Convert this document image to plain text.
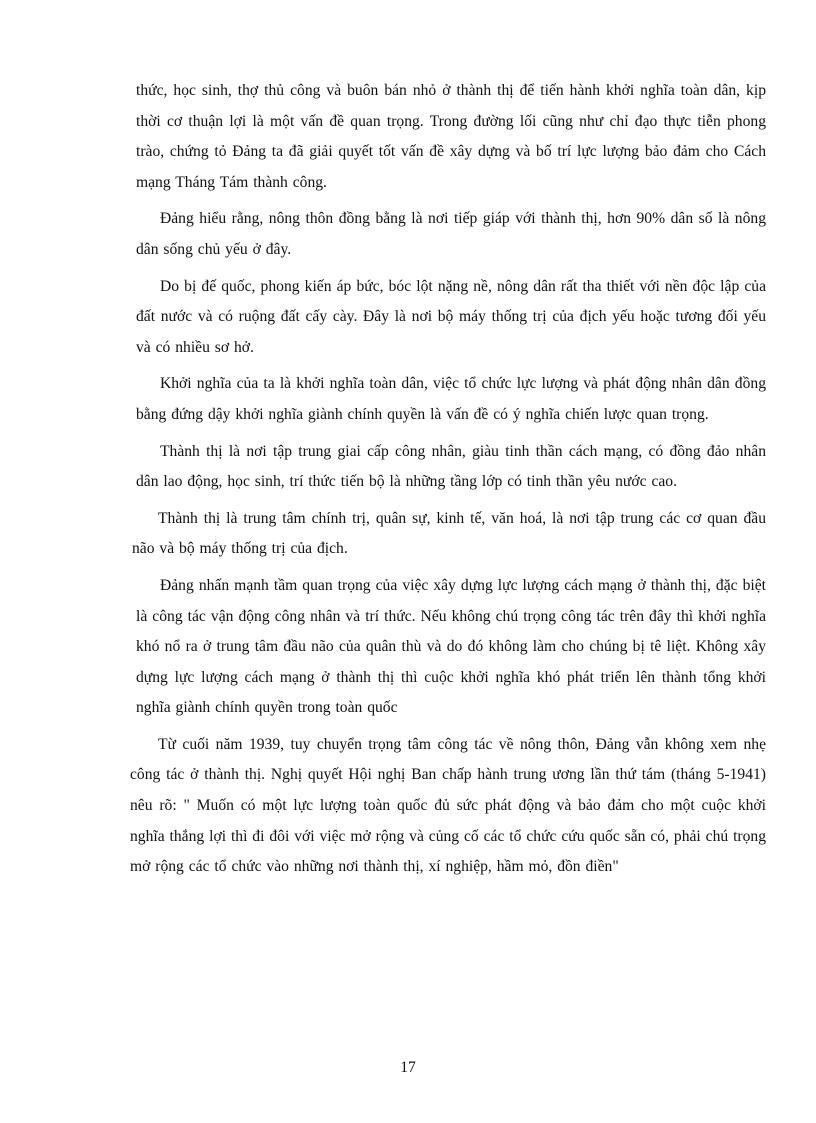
thức, học sinh, thợ thủ công và buôn bán nhỏ ở thành thị để tiến hành khởi nghĩa toàn dân, kịp thời cơ thuận lợi là một vấn đề quan trọng. Trong đường lối cũng như chỉ đạo thực tiễn phong trào, chứng tỏ Đảng ta đã giải quyết tốt vấn đề xây dựng và bố trí lực lượng bảo đảm cho Cách mạng Tháng Tám thành công.

Đảng hiểu rằng, nông thôn đồng bằng là nơi tiếp giáp với thành thị, hơn 90% dân số là nông dân sống chủ yếu ở đây.

Do bị đế quốc, phong kiến áp bức, bóc lột nặng nề, nông dân rất tha thiết với nền độc lập của đất nước và có ruộng đất cấy cày. Đây là nơi bộ máy thống trị của địch yếu hoặc tương đối yếu và có nhiều sơ hở.

Khởi nghĩa của ta là khởi nghĩa toàn dân, việc tổ chức lực lượng và phát động nhân dân đồng bằng đứng dậy khởi nghĩa giành chính quyền là vấn đề có ý nghĩa chiến lược quan trọng.

Thành thị là nơi tập trung giai cấp công nhân, giàu tinh thần cách mạng, có đồng đảo nhân dân lao động, học sinh, trí thức tiến bộ là những tầng lớp có tinh thần yêu nước cao.

Thành thị là trung tâm chính trị, quân sự, kinh tế, văn hoá, là nơi tập trung các cơ quan đầu não và bộ máy thống trị của địch.

Đảng nhấn mạnh tầm quan trọng của việc xây dựng lực lượng cách mạng ở thành thị, đặc biệt là công tác vận động công nhân và trí thức. Nếu không chú trọng công tác trên đây thì khởi nghĩa khó nổ ra ở trung tâm đầu não của quân thù và do đó không làm cho chúng bị tê liệt. Không xây dựng lực lượng cách mạng ở thành thị thì cuộc khởi nghĩa khó phát triển lên thành tổng khởi nghĩa giành chính quyền trong toàn quốc

Từ cuối năm 1939, tuy chuyển trọng tâm công tác về nông thôn, Đảng vẫn không xem nhẹ công tác ở thành thị. Nghị quyết Hội nghị Ban chấp hành trung ương lần thứ tám (tháng 5-1941) nêu rõ: " Muốn có một lực lượng toàn quốc đủ sức phát động và bảo đảm cho một cuộc khởi nghĩa thắng lợi thì đi đôi với việc mở rộng và củng cố các tổ chức cứu quốc sẵn có, phải chú trọng mở rộng các tổ chức vào những nơi thành thị, xí nghiệp, hầm mỏ, đồn điền"

17
